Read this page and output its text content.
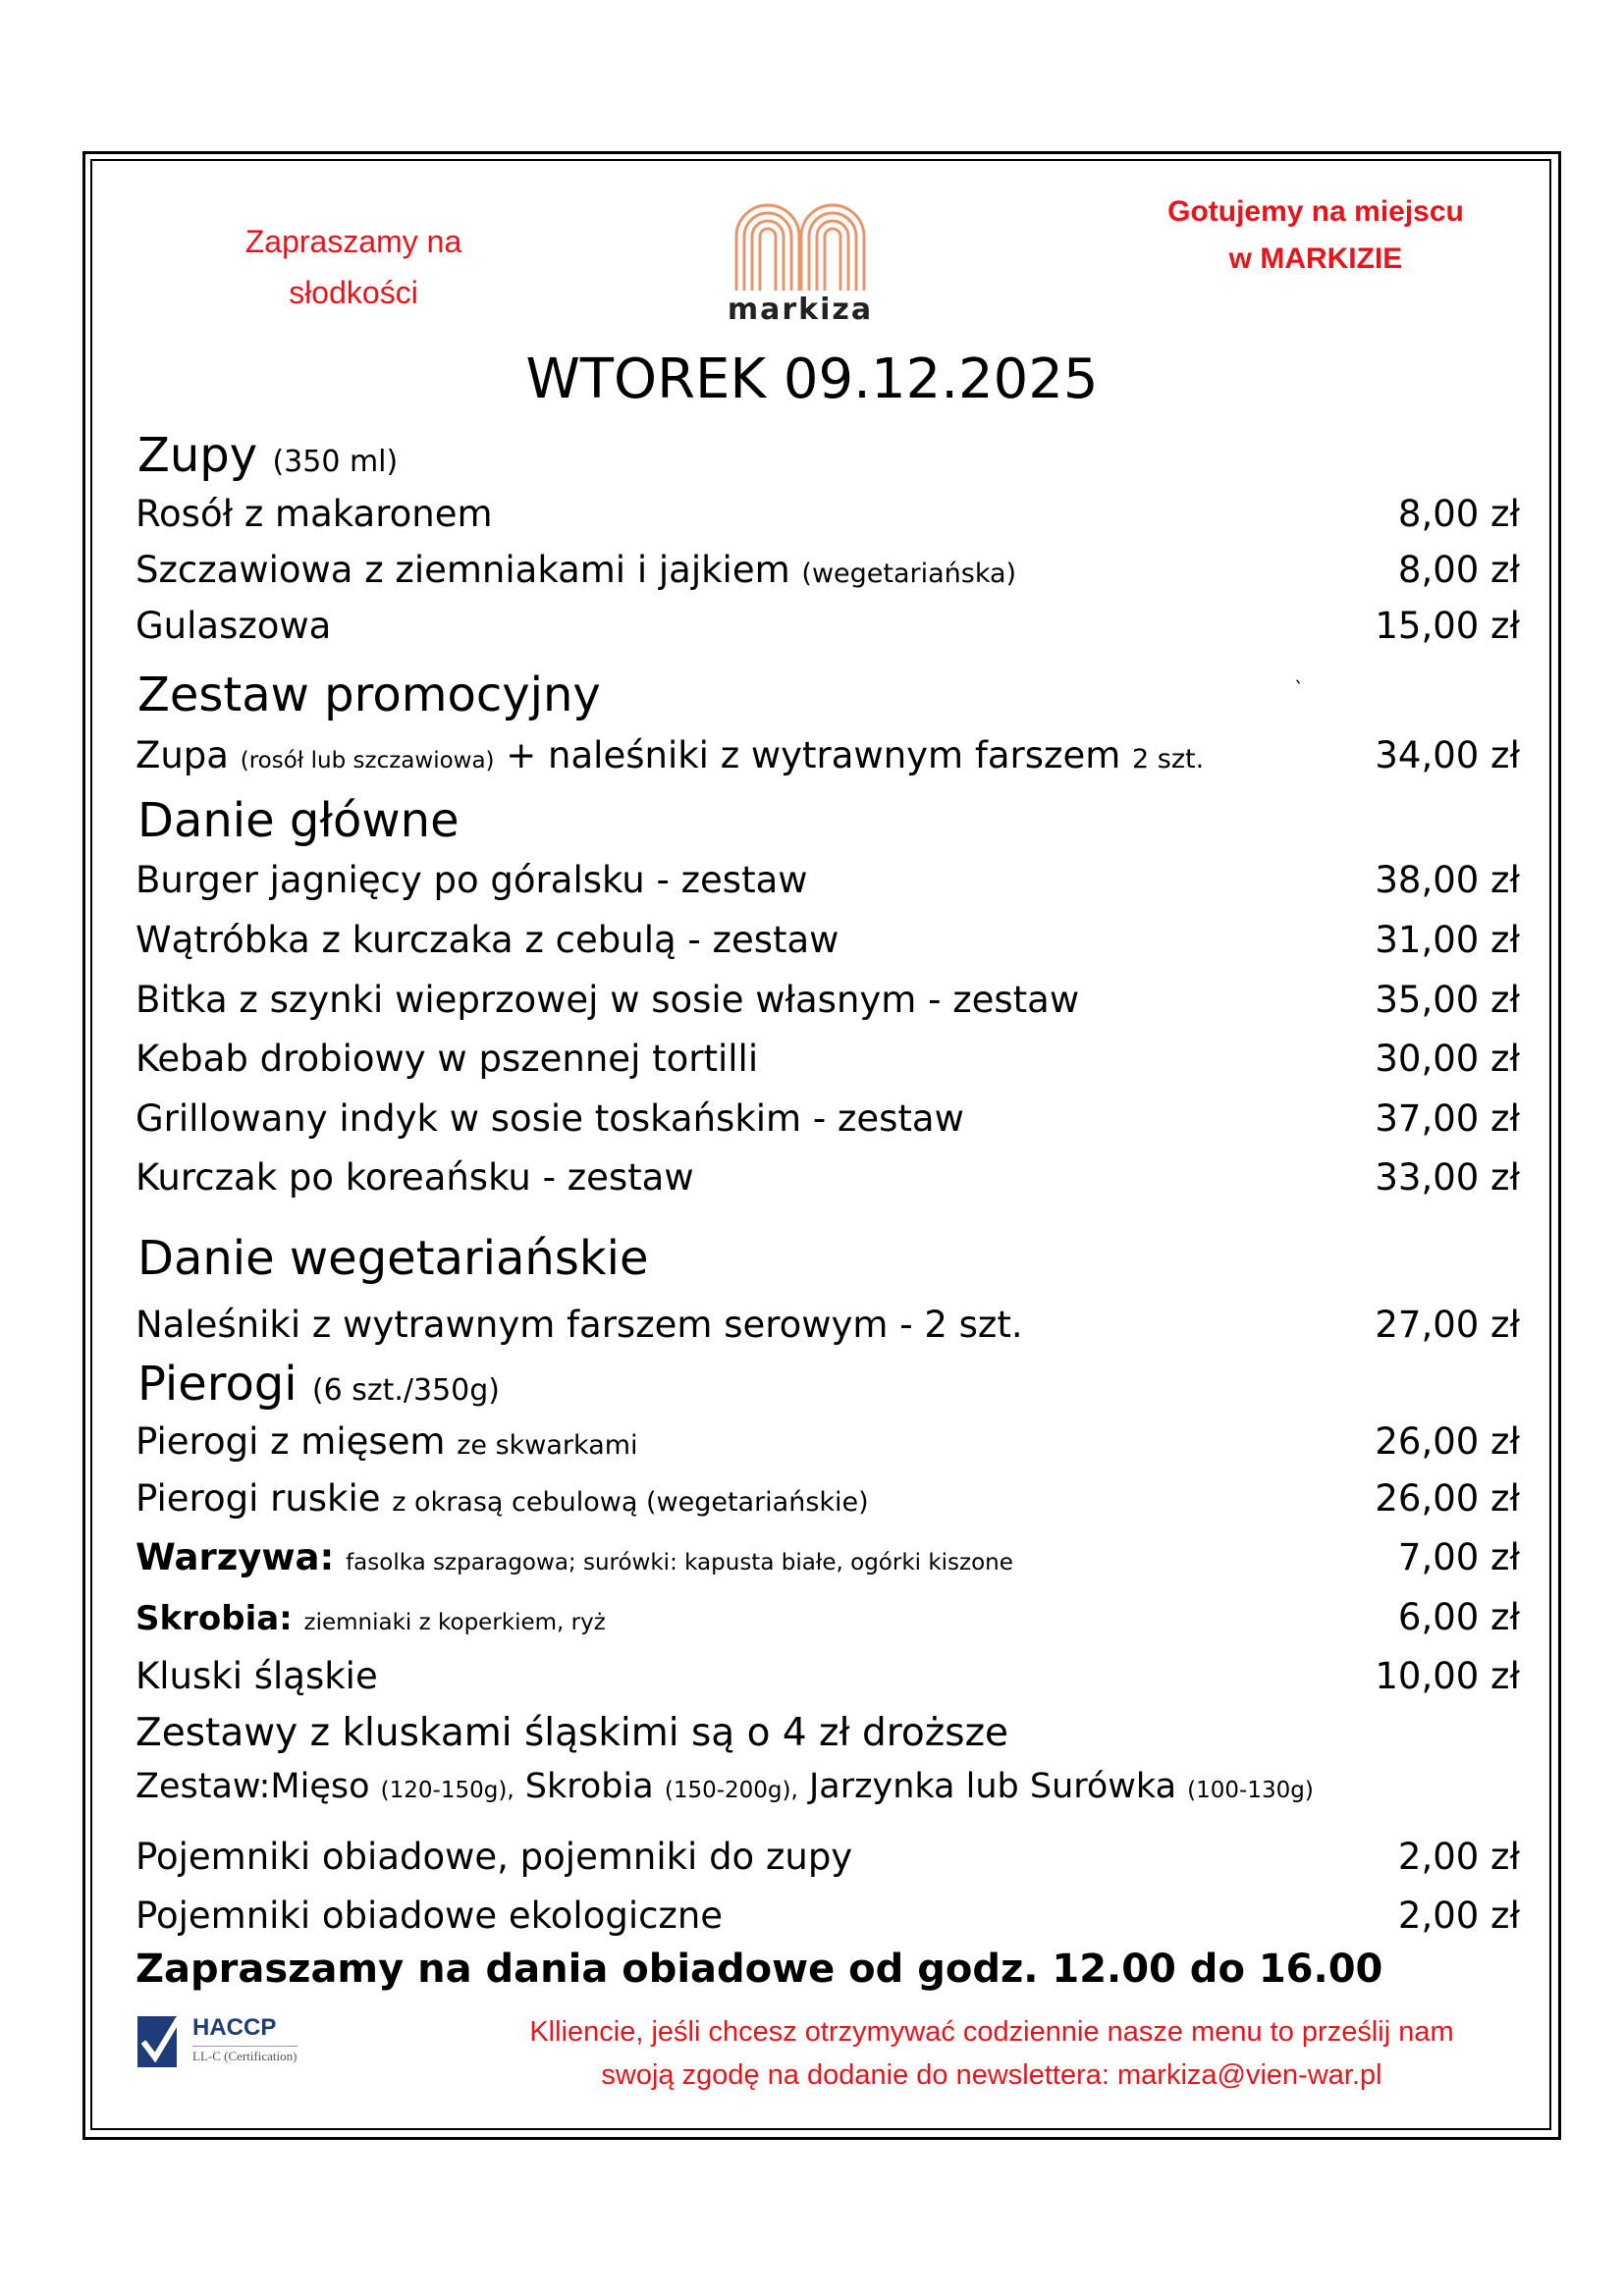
Zapraszamy na
słodkości	markiza
Gotujemy na miejscu
w MARKIZIE
WTOREK 09.12.2025
Zupy (350 ml)
Rosół z makaronem	8,00 zł
Szczawiowa z ziemniakami i jajkiem (wegetariańska)	8,00 zł
Gulaszowa	15,00 zł
Zestaw promocyjny	`
Zupa (rosół lub szczawiowa) + naleśniki z wytrawnym farszem 2 szt.	34,00 zł
Danie główne
Burger jagnięcy po góralsku - zestaw	38,00 zł
Wątróbka z kurczaka z cebulą - zestaw	31,00 zł
Bitka z szynki wieprzowej w sosie własnym - zestaw	35,00 zł
Kebab drobiowy w pszennej tortilli	30,00 zł
Grillowany indyk w sosie toskańskim - zestaw	37,00 zł
Kurczak po koreańsku - zestaw	33,00 zł
Danie wegetariańskie
Naleśniki z wytrawnym farszem serowym - 2 szt.	27,00 zł
Pierogi (6 szt./350g)
Pierogi z mięsem ze skwarkami	26,00 zł
Pierogi ruskie z okrasą cebulową (wegetariańskie)	26,00 zł
Warzywa: fasolka szparagowa; surówki: kapusta białe, ogórki kiszone	7,00 zł
Skrobia: ziemniaki z koperkiem, ryż	6,00 zł
Kluski śląskie	10,00 zł
Zestawy z kluskami śląskimi są o 4 zł droższe
Zestaw:Mięso (120-150g), Skrobia (150-200g), Jarzynka lub Surówka (100-130g)
Pojemniki obiadowe, pojemniki do zupy	2,00 zł
Pojemniki obiadowe ekologiczne	2,00 zł
Zapraszamy na dania obiadowe od godz. 12.00 do 16.00
HACCP
LL-C (Certification)
Klliencie, jeśli chcesz otrzymywać codziennie nasze menu to prześlij nam
swoją zgodę na dodanie do newslettera: markiza@vien-war.pl
